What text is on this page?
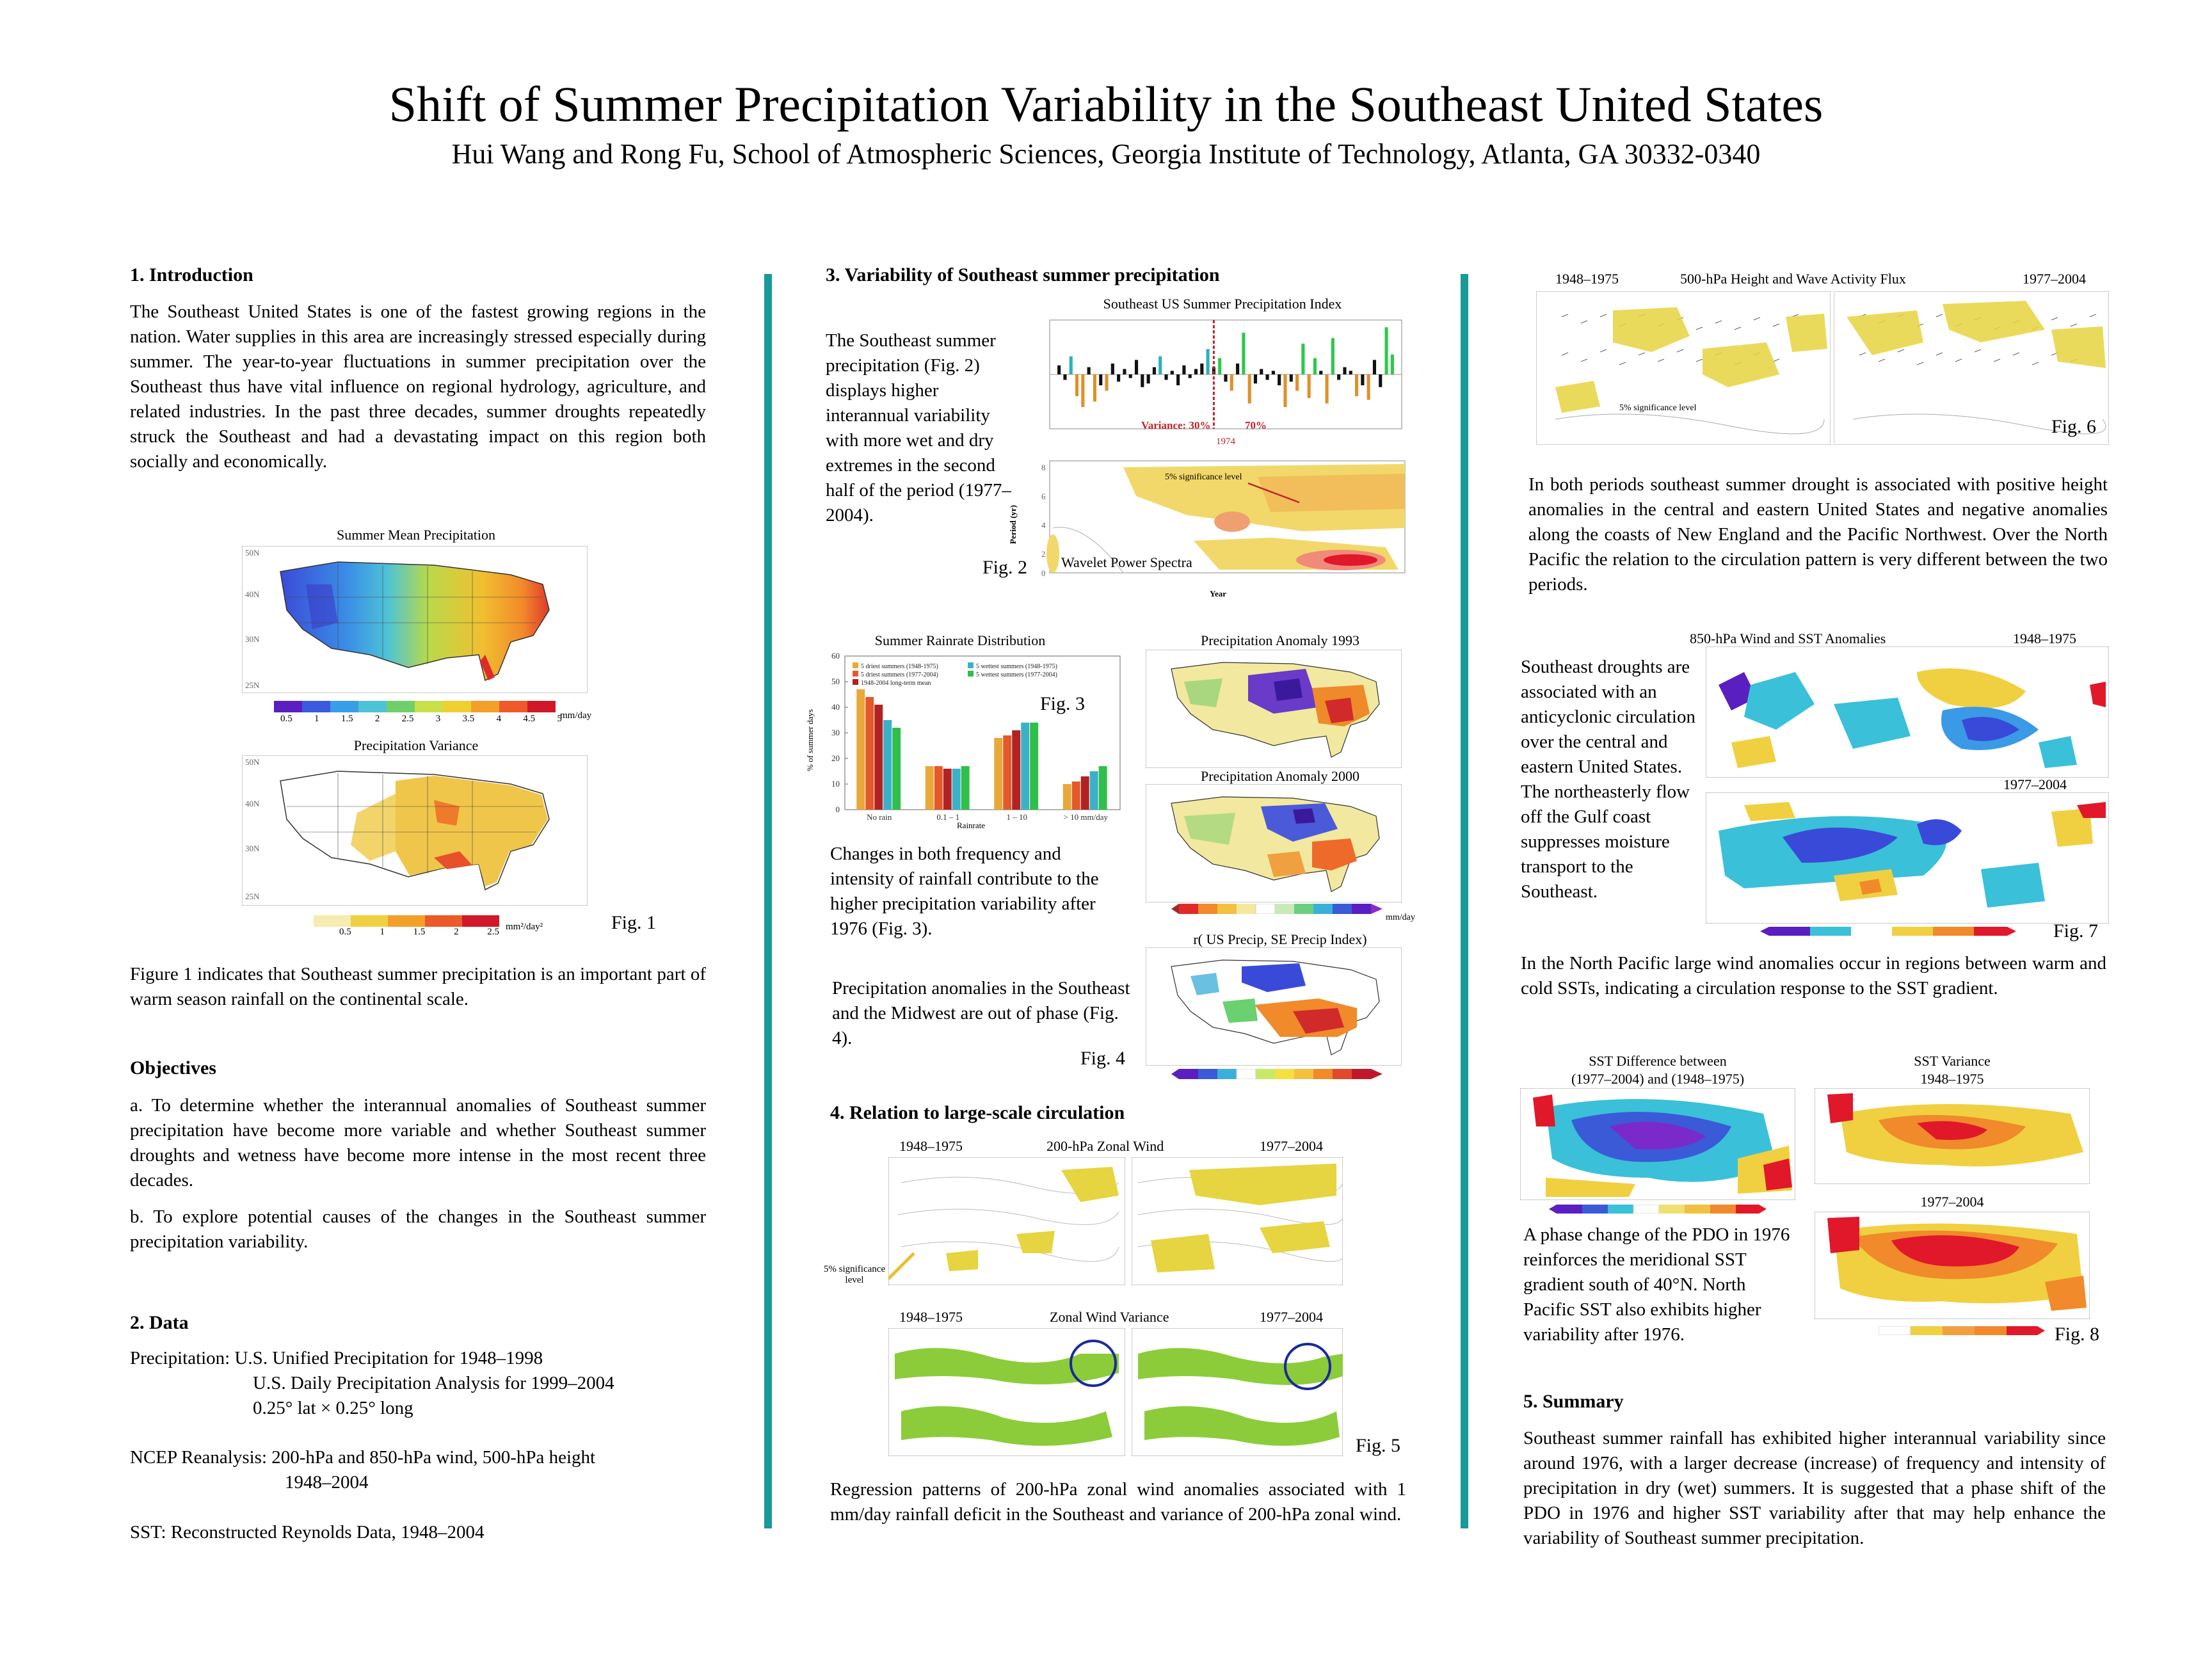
Shift of Summer Precipitation Variability in the Southeast United States
Hui Wang and Rong Fu, School of Atmospheric Sciences, Georgia Institute of Technology, Atlanta, GA 30332-0340
1. Introduction
The Southeast United States is one of the fastest growing regions in the nation. Water supplies in this area are increasingly stressed especially during summer. The year-to-year fluctuations in summer precipitation over the Southeast thus have vital influence on regional hydrology, agriculture, and related industries. In the past three decades, summer droughts repeatedly struck the Southeast and had a devastating impact on this region both socially and economically.
Summer Mean Precipitation
50N
40N
30N
25N
0.5 1 1.5 2 2.5 3 3.5 4 4.5 5
mm/day
Precipitation Variance
50N
40N
30N
25N
0.5	1	1.5	2	2.5 mm²/day²	Fig. 1
Figure 1 indicates that Southeast summer precipitation is an important part of warm season rainfall on the continental scale.
Objectives
a. To determine whether the interannual anomalies of Southeast summer precipitation have become more variable and whether Southeast summer droughts and wetness have become more intense in the most recent three decades.
b. To explore potential causes of the changes in the Southeast summer precipitation variability.
2. Data
Precipitation: U.S. Unified Precipitation for 1948–1998
U.S. Daily Precipitation Analysis for 1999–2004
0.25° lat × 0.25° long
NCEP Reanalysis: 200-hPa and 850-hPa wind, 500-hPa height
1948–2004
SST: Reconstructed Reynolds Data, 1948–2004
3. Variability of Southeast summer precipitation
Southeast US Summer Precipitation Index
The Southeast summer precipitation (Fig. 2) displays higher interannual variability with more wet and dry extremes in the second half of the period (1977–2004).
Variance: 30%	70%
1974
8
6
4
2
0
5% significance level
Period (yr)
Year
Wavelet Power Spectra
Fig. 2
Summer Rainrate Distribution
0
10
20
30
40
50
60
No rain	0.1 – 1	1 – 10	> 10 mm/day
5 driest summers (1948-1975)
5 driest summers (1977-2004)
1948-2004 long-term mean
5 wettest summers (1948-1975)
5 wettest summers (1977-2004)
% of summer days
Rainrate
Fig. 3
Changes in both frequency and intensity of rainfall contribute to the higher precipitation variability after 1976 (Fig. 3).
Precipitation Anomaly 1993
Precipitation Anomaly 2000
mm/day
r( US Precip, SE Precip Index)
Precipitation anomalies in the Southeast and the Midwest are out of phase (Fig. 4).
Fig. 4
4. Relation to large-scale circulation
1948–1975	200-hPa Zonal Wind	1977–2004
5% significance level
1948–1975	Zonal Wind Variance	1977–2004
Fig. 5
Regression patterns of 200-hPa zonal wind anomalies associated with 1 mm/day rainfall deficit in the Southeast and variance of 200-hPa zonal wind.
1948–1975	500-hPa Height and Wave Activity Flux	1977–2004
5% significance level
Fig. 6
In both periods southeast summer drought is associated with positive height anomalies in the central and eastern United States and negative anomalies along the coasts of New England and the Pacific Northwest. Over the North Pacific the relation to the circulation pattern is very different between the two periods.
850-hPa Wind and SST Anomalies	1948–1975
Southeast droughts are associated with an anticyclonic circulation over the central and eastern United States. The northeasterly flow off the Gulf coast suppresses moisture transport to the Southeast.
1977–2004
Fig. 7
In the North Pacific large wind anomalies occur in regions between warm and cold SSTs, indicating a circulation response to the SST gradient.
SST Difference between
(1977–2004) and (1948–1975)
SST Variance
1948–1975
1977–2004
Fig. 8
A phase change of the PDO in 1976 reinforces the meridional SST gradient south of 40°N. North Pacific SST also exhibits higher variability after 1976.
5. Summary
Southeast summer rainfall has exhibited higher interannual variability since around 1976, with a larger decrease (increase) of frequency and intensity of precipitation in dry (wet) summers. It is suggested that a phase shift of the PDO in 1976 and higher SST variability after that may help enhance the variability of Southeast summer precipitation.
